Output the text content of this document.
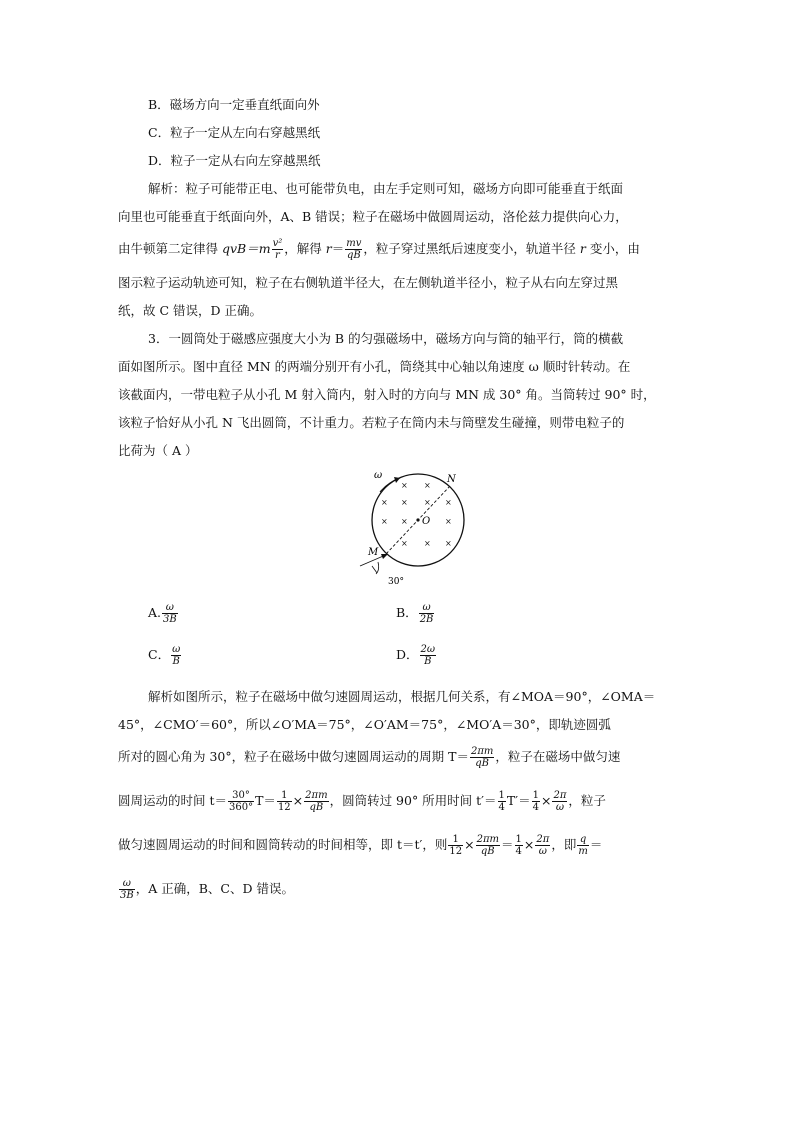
B．磁场方向一定垂直纸面向外
C．粒子一定从左向右穿越黑纸
D．粒子一定从右向左穿越黑纸
解析：粒子可能带正电、也可能带负电，由左手定则可知，磁场方向即可能垂直于纸面
向里也可能垂直于纸面向外，A、B 错误；粒子在磁场中做圆周运动，洛伦兹力提供向心力，
由牛顿第二定律得 $qvB=m \frac{\text{v²}}{r}$ ，解得 $r= \frac{mv}{qB}$ ，粒子穿过黑纸后速度变小，轨道半径 r 变小，由
图示粒子运动轨迹可知，粒子在右侧轨道半径大，在左侧轨道半径小，粒子从右向左穿过黑
纸，故 C 错误，D 正确。
3．一圆筒处于磁感应强度大小为 B 的匀强磁场中，磁场方向与筒的轴平行，筒的横截
面如图所示。图中直径 MN 的两端分别开有小孔，筒绕其中心轴以角速度 ω 顺时针转动。在
该截面内，一带电粒子从小孔 M 射入筒内，射入时的方向与 MN 成 30° 角。当筒转过 90° 时，
该粒子恰好从小孔 N 飞出圆筒，不计重力。若粒子在筒内未与筒壁发生碰撞，则带电粒子的
比荷为（ A ）
ω	N
O
M
30°
× ×
× × × ×
× ×	×
× × ×
A. $\frac{\omega}{3B}$	B． $\frac{\omega}{2B}$
C． $\frac{\omega}{B}$	D． $\frac{2\omega}{B}$
解析如图所示，粒子在磁场中做匀速圆周运动，根据几何关系，有∠MOA＝90°，∠OMA＝
45°，∠CMO′＝60°，所以∠O′MA＝75°，∠O′AM＝75°，∠MO′A＝30°，即轨迹圆弧
所对的圆心角为 30°，粒子在磁场中做匀速圆周运动的周期 $T= \frac{2\pi m}{qB}$ ，粒子在磁场中做匀速
圆周运动的时间 $t= \frac{30^\circ}{360^\circ} T= \frac{1}{12} \times \frac{2\pi m}{qB}$ ，圆筒转过 90° 所用时间 $t'= \frac{1}{4} T'= \frac{1}{4} \times \frac{2\pi}{\omega}$ ，粒子
做匀速圆周运动的时间和圆筒转动的时间相等，即 t＝t′，则 $\frac{1}{12} \times \frac{2\pi m}{qB} = \frac{1}{4} \times \frac{2\pi}{\omega}$ ，即 $\frac{q}{m}$ ＝
$\frac{\omega}{3B}$ ，A 正确，B、C、D 错误。
